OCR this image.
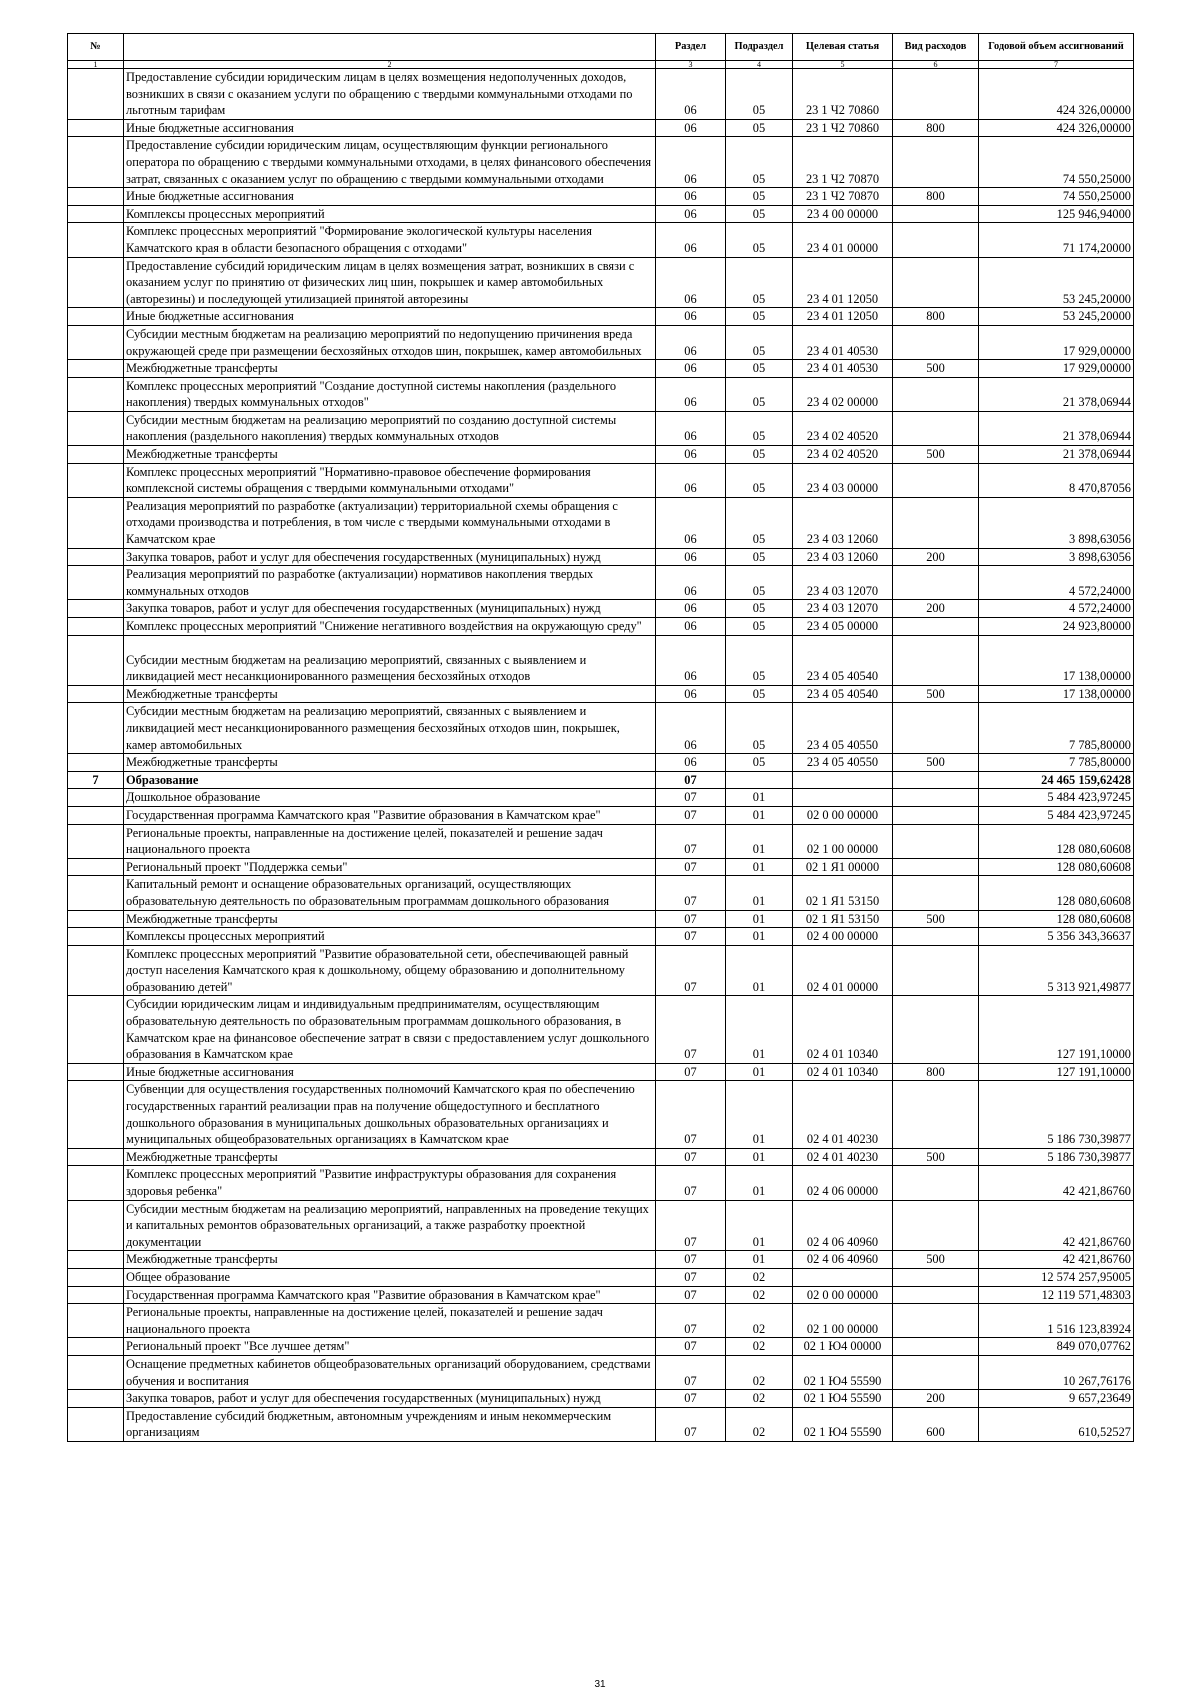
№		Раздел	Подраздел	Целевая статья	Вид расходов	Годовой объем ассигнований
1	2	3	4	5	6	7
	Предоставление субсидии юридическим лицам в целях возмещения недополученных доходов, возникших в связи с оказанием услуги по обращению с твердыми коммунальными отходами по льготным тарифам	06	05	23 1 Ч2 70860		424 326,00000
	Иные бюджетные ассигнования	06	05	23 1 Ч2 70860	800	424 326,00000
	Предоставление субсидии юридическим лицам, осуществляющим функции регионального оператора по обращению с твердыми коммунальными отходами, в целях финансового обеспечения затрат, связанных с оказанием услуг по обращению с твердыми коммунальными отходами	06	05	23 1 Ч2 70870		74 550,25000
	Иные бюджетные ассигнования	06	05	23 1 Ч2 70870	800	74 550,25000
	Комплексы процессных мероприятий	06	05	23 4 00 00000		125 946,94000
	Комплекс процессных мероприятий "Формирование экологической культуры населения Камчатского края в области безопасного обращения с отходами"	06	05	23 4 01 00000		71 174,20000
	Предоставление субсидий юридическим лицам в целях возмещения затрат, возникших в связи с оказанием услуг по принятию от физических лиц шин, покрышек и камер автомобильных (авторезины) и последующей утилизацией принятой авторезины	06	05	23 4 01 12050		53 245,20000
	Иные бюджетные ассигнования	06	05	23 4 01 12050	800	53 245,20000
	Субсидии местным бюджетам на реализацию мероприятий по недопущению причинения вреда окружающей среде при размещении бесхозяйных отходов шин, покрышек, камер автомобильных	06	05	23 4 01 40530		17 929,00000
	Межбюджетные трансферты	06	05	23 4 01 40530	500	17 929,00000
	Комплекс процессных мероприятий "Создание доступной системы накопления (раздельного накопления) твердых коммунальных отходов"	06	05	23 4 02 00000		21 378,06944
	Субсидии местным бюджетам на реализацию мероприятий по созданию доступной системы накопления (раздельного накопления) твердых коммунальных отходов	06	05	23 4 02 40520		21 378,06944
	Межбюджетные трансферты	06	05	23 4 02 40520	500	21 378,06944
	Комплекс процессных мероприятий "Нормативно-правовое обеспечение формирования комплексной системы обращения с твердыми коммунальными отходами"	06	05	23 4 03 00000		8 470,87056
	Реализация мероприятий по разработке (актуализации) территориальной схемы обращения с отходами производства и потребления, в том числе с твердыми коммунальными отходами в Камчатском крае	06	05	23 4 03 12060		3 898,63056
	Закупка товаров, работ и услуг для обеспечения государственных (муниципальных) нужд	06	05	23 4 03 12060	200	3 898,63056
	Реализация мероприятий по разработке (актуализации) нормативов накопления твердых коммунальных отходов	06	05	23 4 03 12070		4 572,24000
	Закупка товаров, работ и услуг для обеспечения государственных (муниципальных) нужд	06	05	23 4 03 12070	200	4 572,24000
	Комплекс процессных мероприятий "Снижение негативного воздействия на окружающую среду"	06	05	23 4 05 00000		24 923,80000
	Субсидии местным бюджетам на реализацию мероприятий, связанных с выявлением и ликвидацией мест несанкционированного размещения бесхозяйных отходов	06	05	23 4 05 40540		17 138,00000
	Межбюджетные трансферты	06	05	23 4 05 40540	500	17 138,00000
	Субсидии местным бюджетам на реализацию мероприятий, связанных с выявлением и ликвидацией мест несанкционированного размещения бесхозяйных отходов шин, покрышек, камер автомобильных	06	05	23 4 05 40550		7 785,80000
	Межбюджетные трансферты	06	05	23 4 05 40550	500	7 785,80000
7	Образование	07				24 465 159,62428
	Дошкольное образование	07	01			5 484 423,97245
	Государственная программа Камчатского края "Развитие образования в Камчатском крае"	07	01	02 0 00 00000		5 484 423,97245
	Региональные проекты, направленные на достижение целей, показателей и решение задач национального проекта	07	01	02 1 00 00000		128 080,60608
	Региональный проект "Поддержка семьи"	07	01	02 1 Я1 00000		128 080,60608
	Капитальный ремонт и оснащение образовательных организаций, осуществляющих образовательную деятельность по образовательным программам дошкольного образования	07	01	02 1 Я1 53150		128 080,60608
	Межбюджетные трансферты	07	01	02 1 Я1 53150	500	128 080,60608
	Комплексы процессных мероприятий	07	01	02 4 00 00000		5 356 343,36637
	Комплекс процессных мероприятий "Развитие образовательной сети, обеспечивающей равный доступ населения Камчатского края к дошкольному, общему образованию и дополнительному образованию детей"	07	01	02 4 01 00000		5 313 921,49877
	Субсидии юридическим лицам и индивидуальным предпринимателям, осуществляющим образовательную деятельность по образовательным программам дошкольного образования, в Камчатском крае на финансовое обеспечение затрат в связи с предоставлением услуг дошкольного образования в Камчатском крае	07	01	02 4 01 10340		127 191,10000
	Иные бюджетные ассигнования	07	01	02 4 01 10340	800	127 191,10000
	Субвенции для осуществления государственных полномочий Камчатского края по обеспечению государственных гарантий реализации прав на получение общедоступного и бесплатного дошкольного образования в муниципальных дошкольных образовательных организациях и муниципальных общеобразовательных организациях в Камчатском крае	07	01	02 4 01 40230		5 186 730,39877
	Межбюджетные трансферты	07	01	02 4 01 40230	500	5 186 730,39877
	Комплекс процессных мероприятий "Развитие инфраструктуры образования для сохранения здоровья ребенка"	07	01	02 4 06 00000		42 421,86760
	Субсидии местным бюджетам на реализацию мероприятий, направленных на проведение текущих и капитальных ремонтов образовательных организаций, а также разработку проектной документации	07	01	02 4 06 40960		42 421,86760
	Межбюджетные трансферты	07	01	02 4 06 40960	500	42 421,86760
	Общее образование	07	02			12 574 257,95005
	Государственная программа Камчатского края "Развитие образования в Камчатском крае"	07	02	02 0 00 00000		12 119 571,48303
	Региональные проекты, направленные на достижение целей, показателей и решение задач национального проекта	07	02	02 1 00 00000		1 516 123,83924
	Региональный проект "Все лучшее детям"	07	02	02 1 Ю4 00000		849 070,07762
	Оснащение предметных кабинетов общеобразовательных организаций оборудованием, средствами обучения и воспитания	07	02	02 1 Ю4 55590		10 267,76176
	Закупка товаров, работ и услуг для обеспечения государственных (муниципальных) нужд	07	02	02 1 Ю4 55590	200	9 657,23649
	Предоставление субсидий бюджетным, автономным учреждениям и иным некоммерческим организациям	07	02	02 1 Ю4 55590	600	610,52527
31
